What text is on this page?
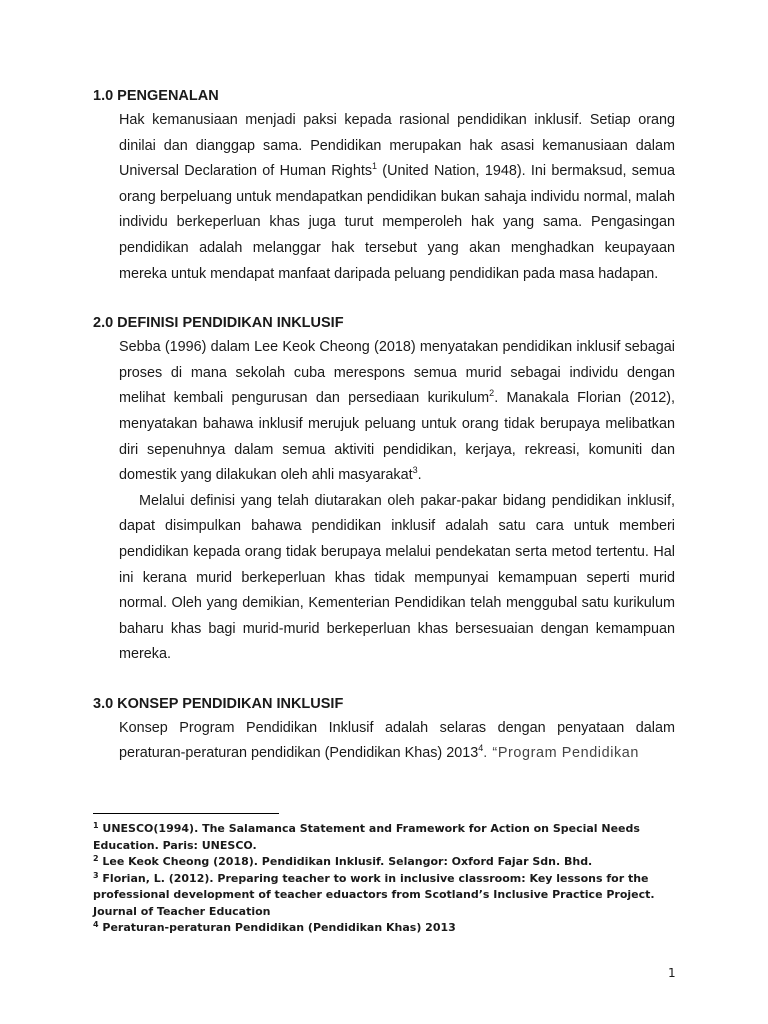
1.0 PENGENALAN

Hak kemanusiaan menjadi paksi kepada rasional pendidikan inklusif. Setiap orang dinilai dan dianggap sama. Pendidikan merupakan hak asasi kemanusiaan dalam Universal Declaration of Human Rights$^1$ (United Nation, 1948). Ini bermaksud, semua orang berpeluang untuk mendapatkan pendidikan bukan sahaja individu normal, malah individu berkeperluan khas juga turut memperoleh hak yang sama. Pengasingan pendidikan adalah melanggar hak tersebut yang akan menghadkan keupayaan mereka untuk mendapat manfaat daripada peluang pendidikan pada masa hadapan.

2.0 DEFINISI PENDIDIKAN INKLUSIF

Sebba (1996) dalam Lee Keok Cheong (2018) menyatakan pendidikan inklusif sebagai proses di mana sekolah cuba merespons semua murid sebagai individu dengan melihat kembali pengurusan dan persediaan kurikulum$^2$. Manakala Florian (2012), menyatakan bahawa inklusif merujuk peluang untuk orang tidak berupaya melibatkan diri sepenuhnya dalam semua aktiviti pendidikan, kerjaya, rekreasi, komuniti dan domestik yang dilakukan oleh ahli masyarakat$^3$.

Melalui definisi yang telah diutarakan oleh pakar-pakar bidang pendidikan inklusif, dapat disimpulkan bahawa pendidikan inklusif adalah satu cara untuk memberi pendidikan kepada orang tidak berupaya melalui pendekatan serta metod tertentu. Hal ini kerana murid berkeperluan khas tidak mempunyai kemampuan seperti murid normal. Oleh yang demikian, Kementerian Pendidikan telah menggubal satu kurikulum baharu khas bagi murid-murid berkeperluan khas bersesuaian dengan kemampuan mereka.

3.0 KONSEP PENDIDIKAN INKLUSIF

Konsep Program Pendidikan Inklusif adalah selaras dengan penyataan dalam peraturan-peraturan pendidikan (Pendidikan Khas) 2013$^4$. “Program Pendidikan

$^1$ UNESCO(1994). The Salamanca Statement and Framework for Action on Special Needs Education. Paris: UNESCO.

$^2$ Lee Keok Cheong (2018). Pendidikan Inklusif. Selangor: Oxford Fajar Sdn. Bhd.

$^3$ Florian, L. (2012). Preparing teacher to work in inclusive classroom: Key lessons for the professional development of teacher eduactors from Scotland’s Inclusive Practice Project. Journal of Teacher Education

$^4$ Peraturan-peraturan Pendidikan (Pendidikan Khas) 2013

1
